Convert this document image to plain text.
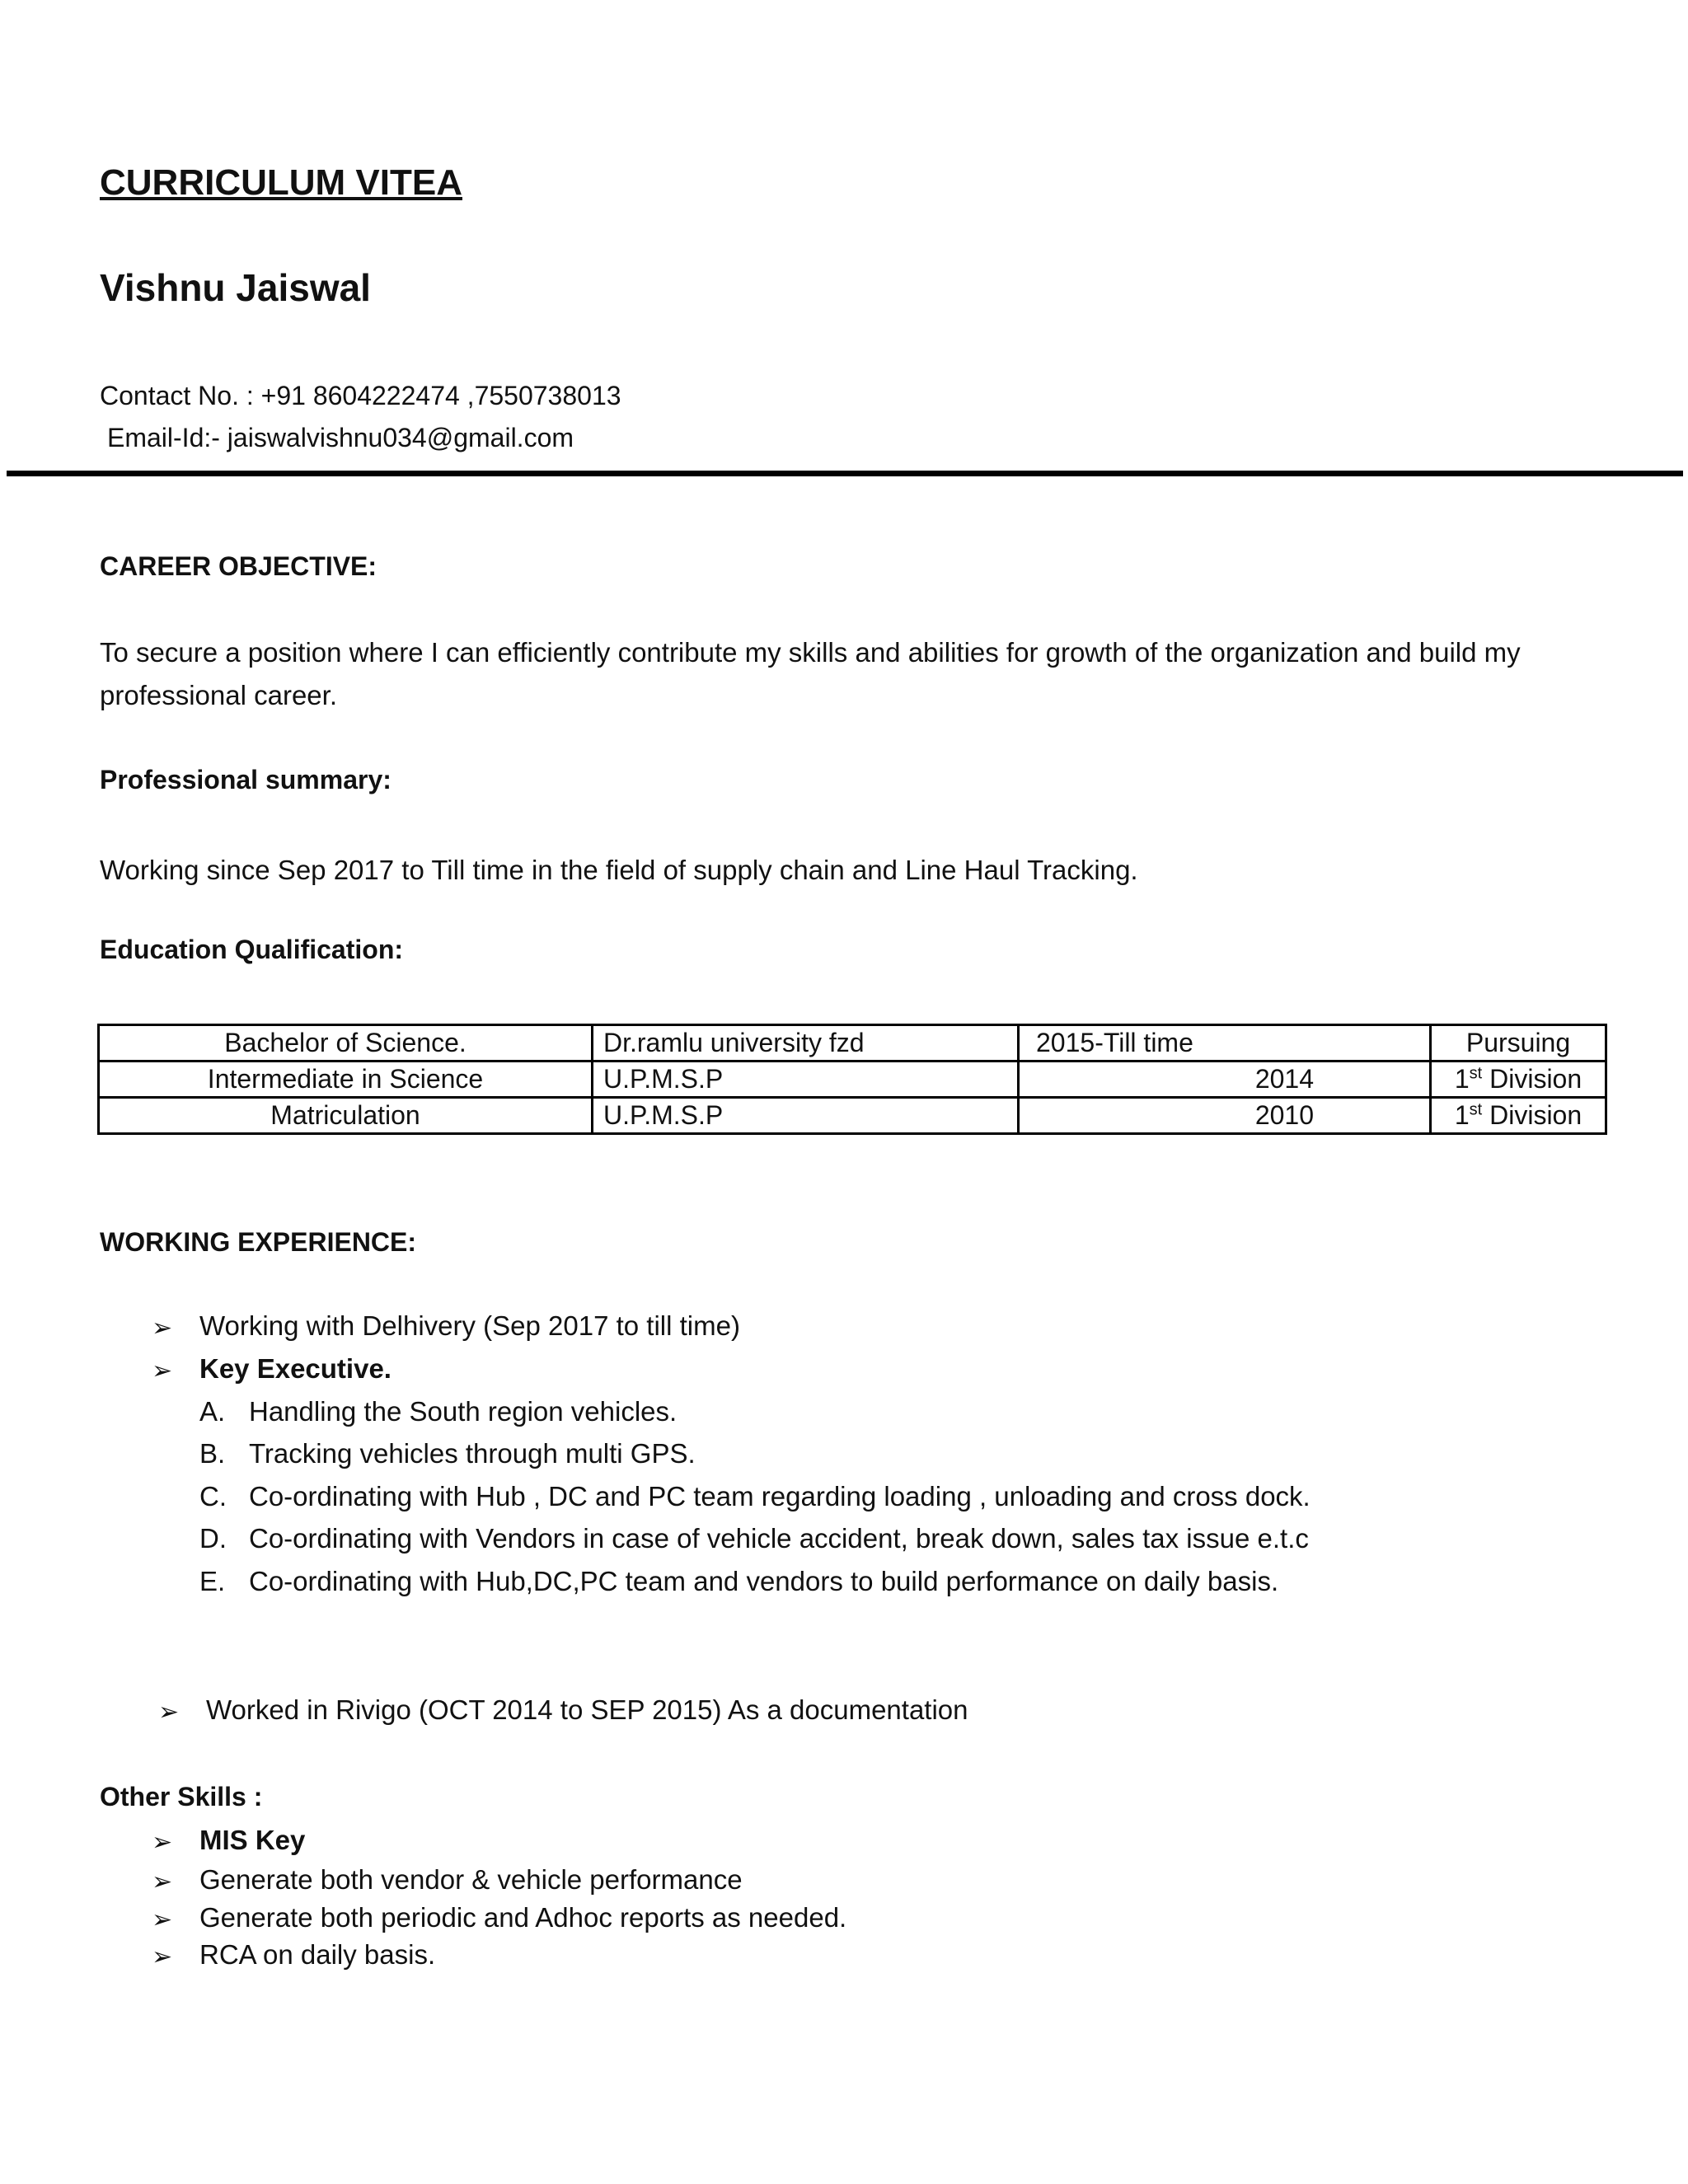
CURRICULUM VITEA
Vishnu Jaiswal
Contact No. : +91 8604222474 ,7550738013
Email-Id:- jaiswalvishnu034@gmail.com
CAREER OBJECTIVE:
To secure a position where I can efficiently contribute my skills and abilities for growth of the organization and build my professional career.
Professional summary:
Working since Sep 2017 to Till time in the field of supply chain and Line Haul Tracking.
Education Qualification:
Bachelor of Science.	Dr.ramlu university fzd	2015-Till time	Pursuing
Intermediate in Science	U.P.M.S.P	2014	1st Division
Matriculation	U.P.M.S.P	2010	1st Division
WORKING EXPERIENCE:
➢ Working with Delhivery (Sep 2017 to till time)
➢ Key Executive.
A. Handling the South region vehicles.
B. Tracking vehicles through multi GPS.
C. Co-ordinating with Hub , DC and PC team regarding loading , unloading and cross dock.
D. Co-ordinating with Vendors in case of vehicle accident, break down, sales tax issue e.t.c
E. Co-ordinating with Hub,DC,PC team and vendors to build performance on daily basis.
➢ Worked in Rivigo (OCT 2014 to SEP 2015) As a documentation
Other Skills :
➢ MIS Key
➢ Generate both vendor & vehicle performance
➢ Generate both periodic and Adhoc reports as needed.
➢ RCA on daily basis.
